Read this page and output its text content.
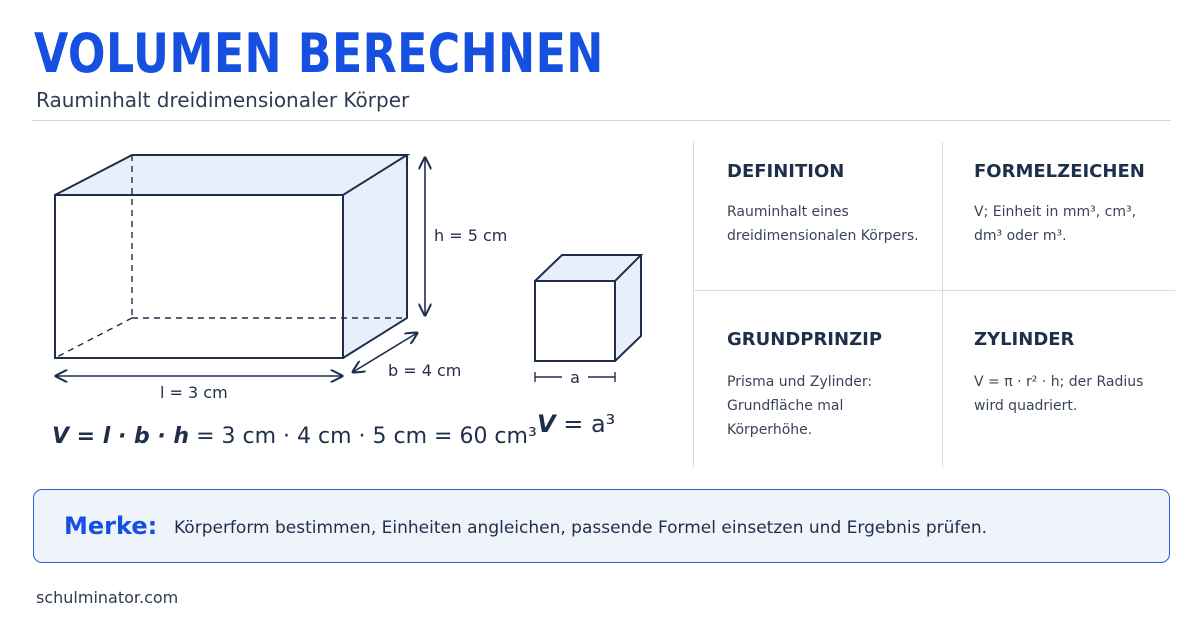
VOLUMEN BERECHNEN
Rauminhalt dreidimensionaler Körper
h = 5 cm
b = 4 cm
l = 3 cm
a
V = l · b · h = 3 cm · 4 cm · 5 cm = 60 cm³ V = a³
DEFINITION
Rauminhalt eines dreidimensionalen Körpers.
FORMELZEICHEN
V; Einheit in mm³, cm³, dm³ oder m³.
GRUNDPRINZIP
Prisma und Zylinder: Grundfläche mal Körperhöhe.
ZYLINDER
V = π · r² · h; der Radius wird quadriert.
Merke: Körperform bestimmen, Einheiten angleichen, passende Formel einsetzen und Ergebnis prüfen.
schulminator.com
